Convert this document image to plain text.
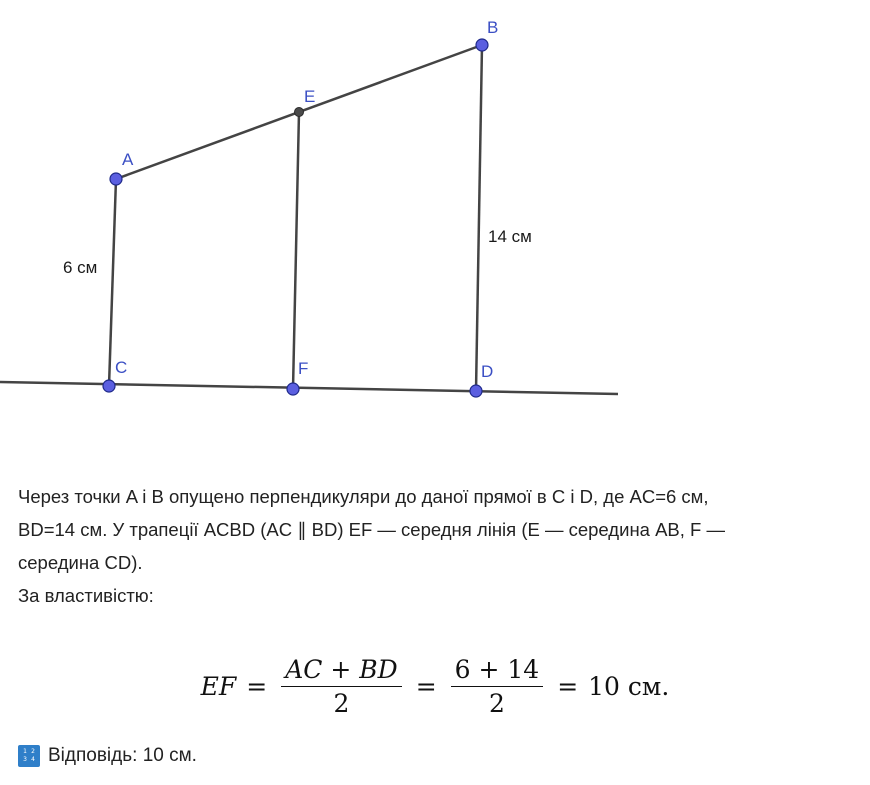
A
B
C	D
E
F
6 см
14 см

Через точки A і B опущено перпендикуляри до даної прямої в C і D, де AC=6 см,

BD=14 см. У трапеції ACBD (AC ∥ BD) EF — середня лінія (E — середина AB, F —

середина CD).

За властивістю:

EF = $\frac{AC + BD}{2} = \frac{6 + 14}{2} = 10$ см.
1 2
3 4 Відповідь: 10 см.
